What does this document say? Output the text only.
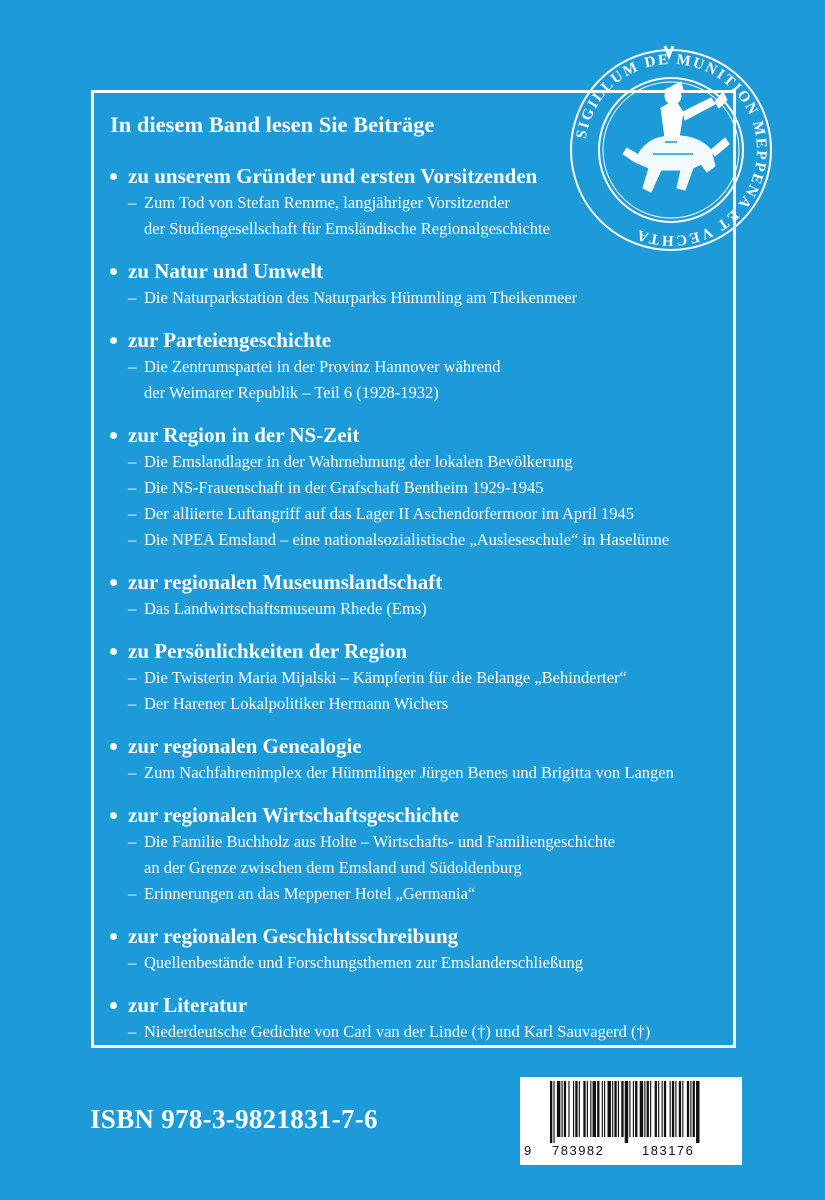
SIGILLUM DE MUNITION MEPPENA ET VECHTA
In diesem Band lesen Sie Beiträge
zu unserem Gründer und ersten Vorsitzenden
– Zum Tod von Stefan Remme, langjähriger Vorsitzender
der Studiengesellschaft für Emsländische Regionalgeschichte
zu Natur und Umwelt
– Die Naturparkstation des Naturparks Hümmling am Theikenmeer
zur Parteiengeschichte
– Die Zentrumspartei in der Provinz Hannover während
der Weimarer Republik – Teil 6 (1928-1932)
zur Region in der NS-Zeit
– Die Emslandlager in der Wahrnehmung der lokalen Bevölkerung
– Die NS-Frauenschaft in der Grafschaft Bentheim 1929-1945
– Der alliierte Luftangriff auf das Lager II Aschendorfermoor im April 1945
– Die NPEA Emsland – eine nationalsozialistische „Ausleseschule“ in Haselünne
zur regionalen Museumslandschaft
– Das Landwirtschaftsmuseum Rhede (Ems)
zu Persönlichkeiten der Region
– Die Twisterin Maria Mijalski – Kämpferin für die Belange „Behinderter“
– Der Harener Lokalpolitiker Hermann Wichers
zur regionalen Genealogie
– Zum Nachfahrenimplex der Hümmlinger Jürgen Benes und Brigitta von Langen
zur regionalen Wirtschaftsgeschichte
– Die Familie Buchholz aus Holte – Wirtschafts- und Familiengeschichte
an der Grenze zwischen dem Emsland und Südoldenburg
– Erinnerungen an das Meppener Hotel „Germania“
zur regionalen Geschichtsschreibung
– Quellenbestände und Forschungsthemen zur Emslanderschließung
zur Literatur
– Niederdeutsche Gedichte von Carl van der Linde (†) und Karl Sauvagerd (†)
ISBN 978-3-9821831-7-6
9 783982	183176
